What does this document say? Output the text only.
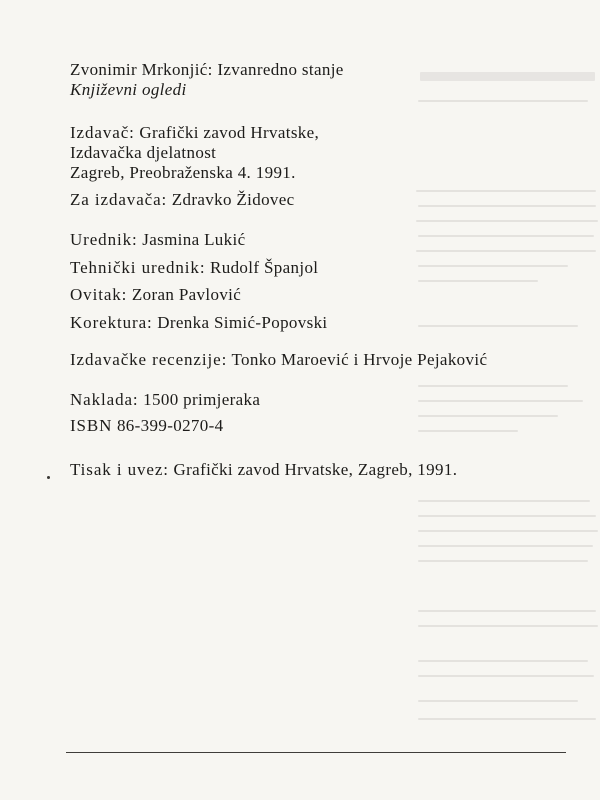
Zvonimir Mrkonjić: Izvanredno stanje
Književni ogledi
Izdavač: Grafički zavod Hrvatske,
Izdavačka djelatnost
Zagreb, Preobraženska 4. 1991.
Za izdavača: Zdravko Židovec
Urednik: Jasmina Lukić
Tehnički urednik: Rudolf Španjol
Ovitak: Zoran Pavlović
Korektura: Drenka Simić-Popovski
Izdavačke recenzije: Tonko Maroević i Hrvoje Pejaković
Naklada: 1500 primjeraka
ISBN 86-399-0270-4
Tisak i uvez: Grafički zavod Hrvatske, Zagreb, 1991.
